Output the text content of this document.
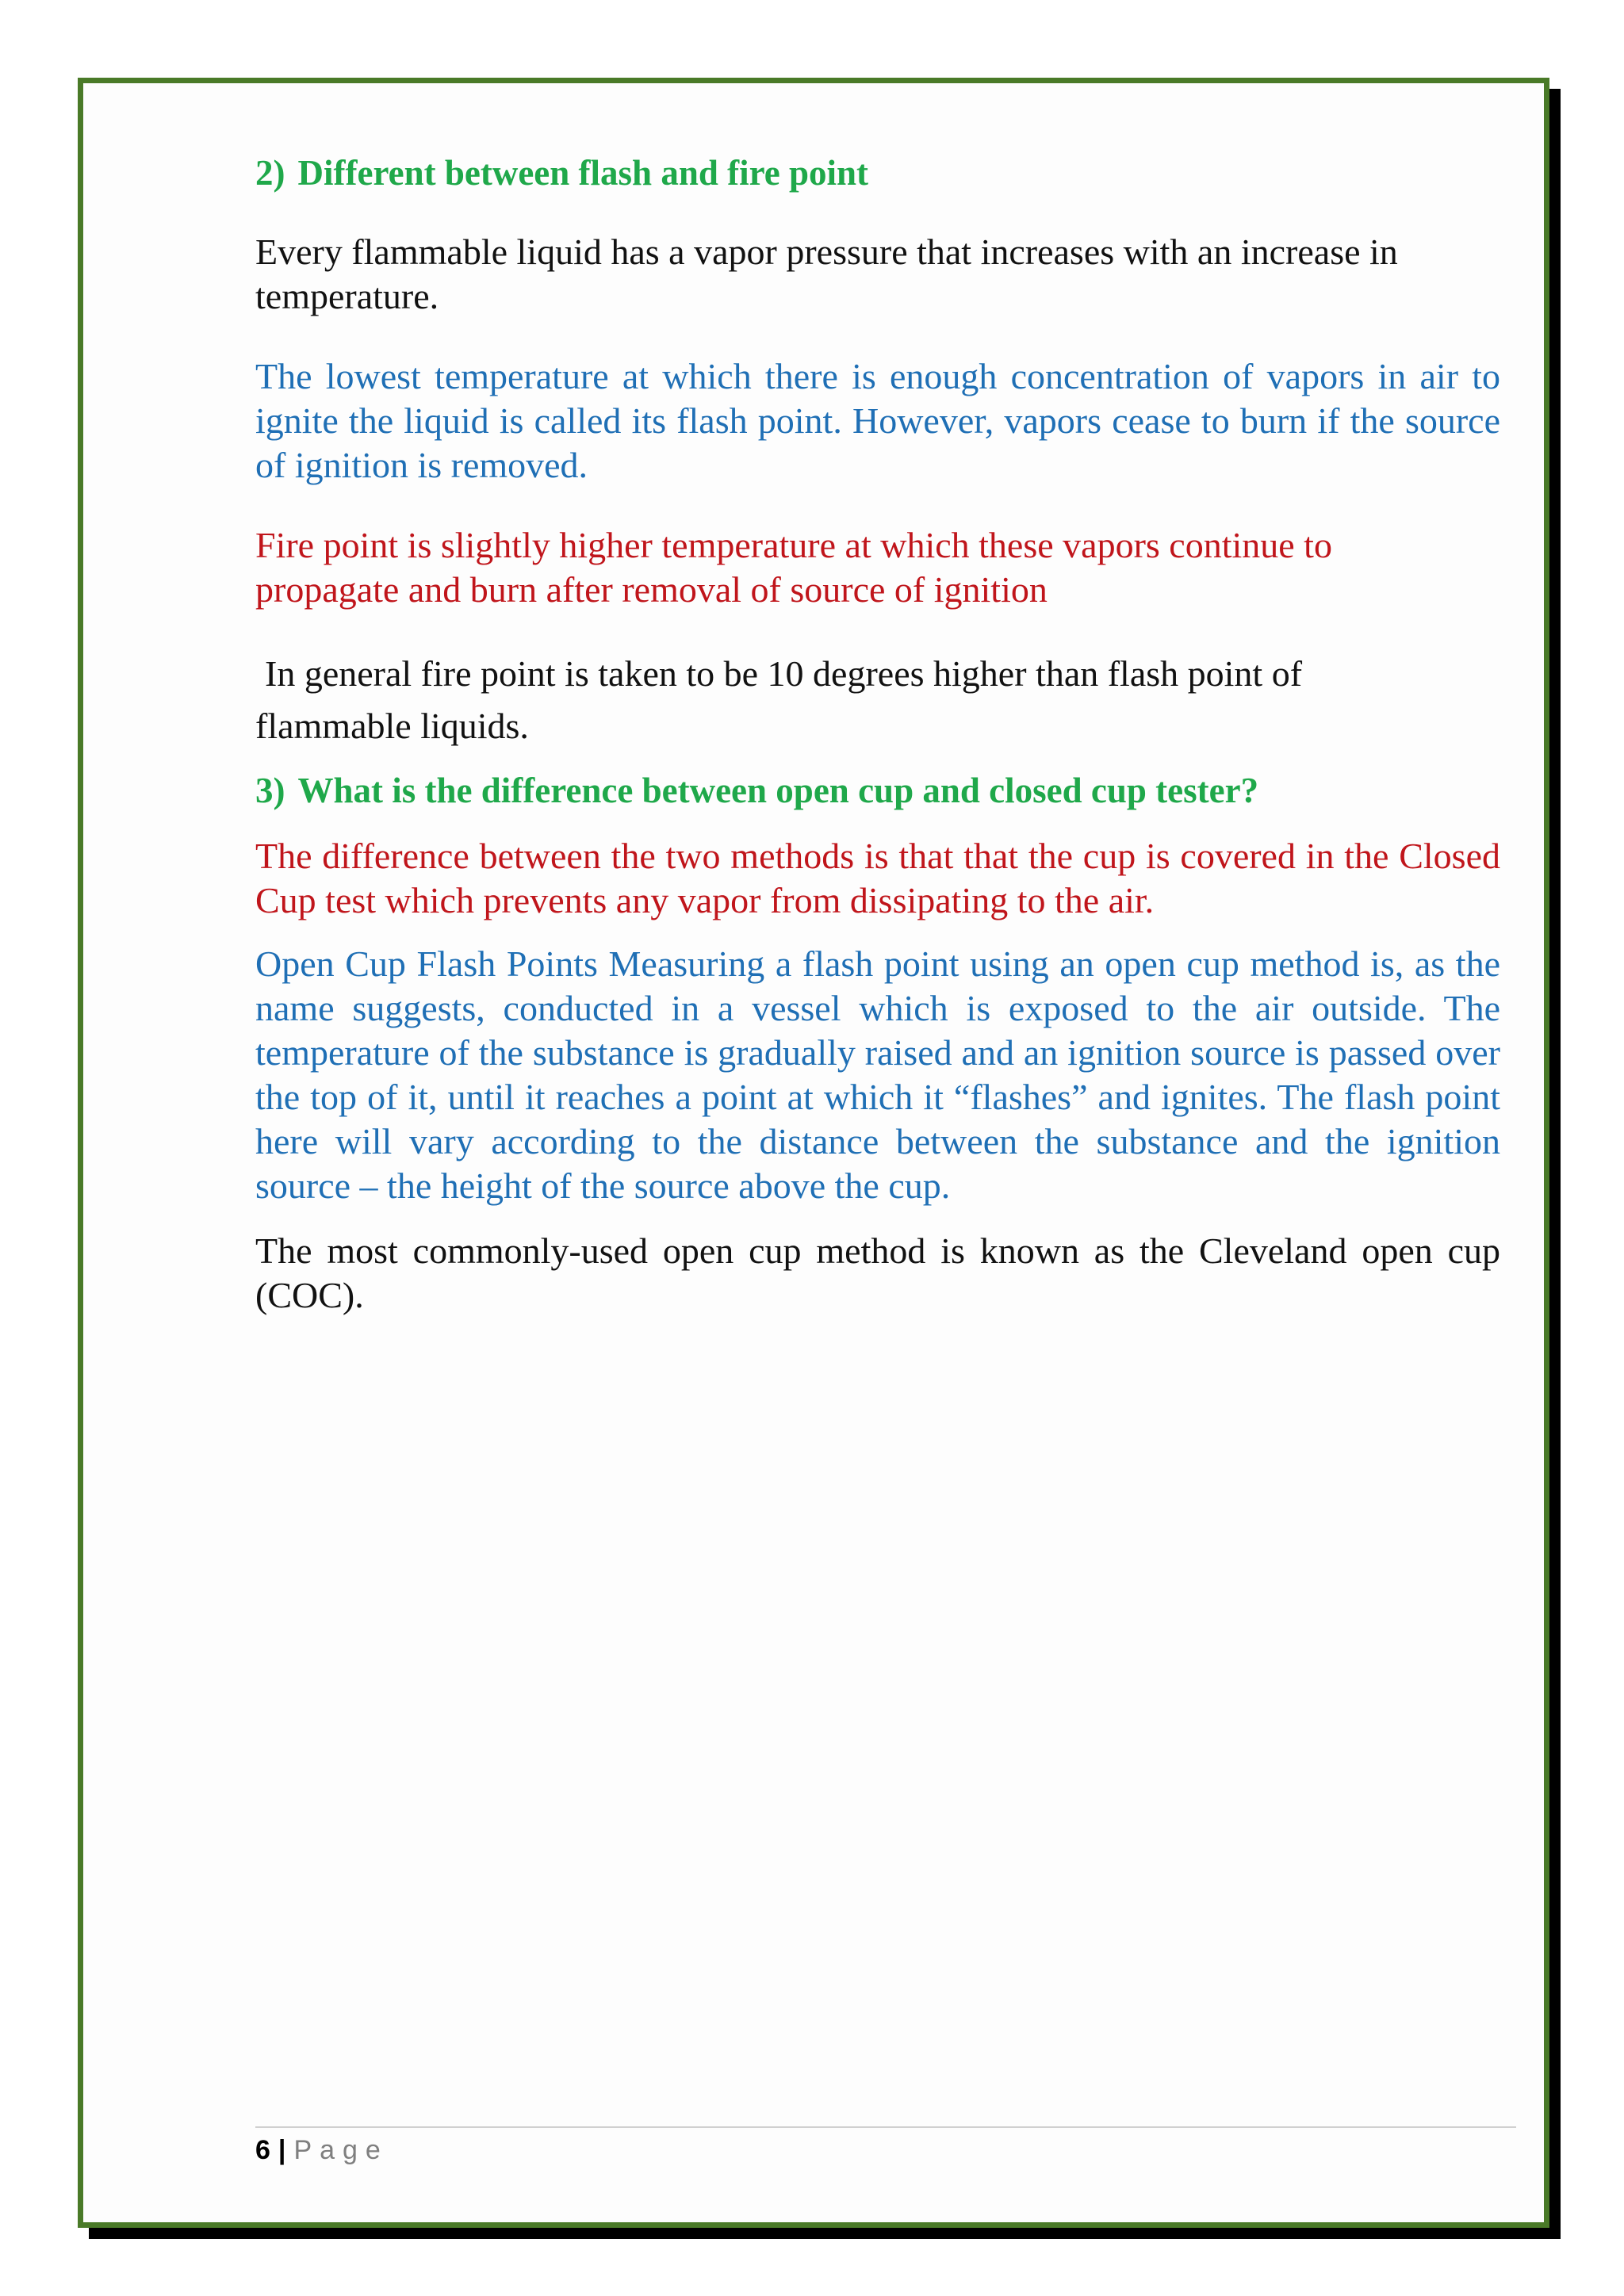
2) Different between flash and fire point

Every flammable liquid has a vapor pressure that increases with an increase in temperature.

The lowest temperature at which there is enough concentration of vapors in air to ignite the liquid is called its flash point. However, vapors cease to burn if the source of ignition is removed.

Fire point is slightly higher temperature at which these vapors continue to propagate and burn after removal of source of ignition

In general fire point is taken to be 10 degrees higher than flash point of flammable liquids.

3) What is the difference between open cup and closed cup tester?

The difference between the two methods is that that the cup is covered in the Closed Cup test which prevents any vapor from dissipating to the air.

Open Cup Flash Points Measuring a flash point using an open cup method is, as the name suggests, conducted in a vessel which is exposed to the air outside. The temperature of the substance is gradually raised and an ignition source is passed over the top of it, until it reaches a point at which it “flashes” and ignites. The flash point here will vary according to the distance between the substance and the ignition source – the height of the source above the cup.

The most commonly-used open cup method is known as the Cleveland open cup (COC).

6 | Page
